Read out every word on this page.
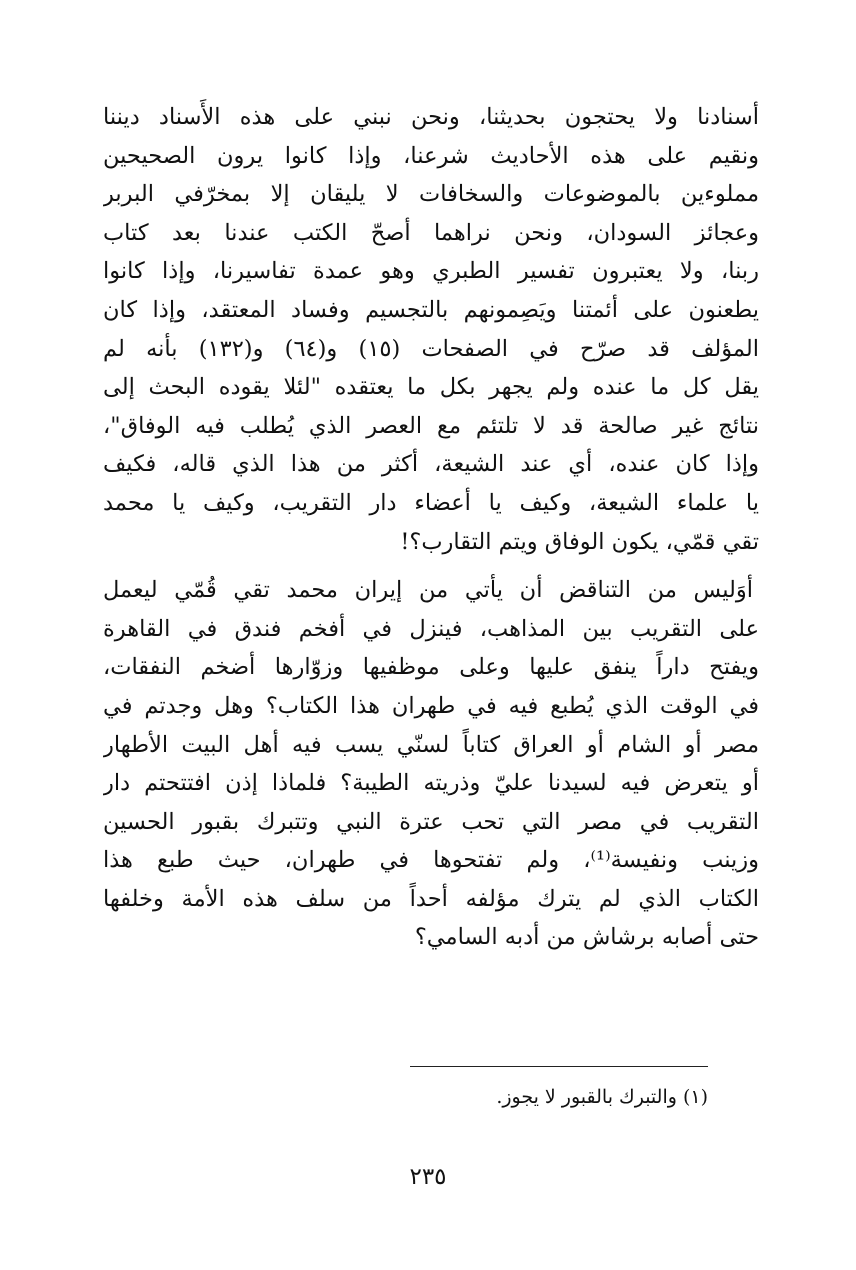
أسنادنا ولا يحتجون بحديثنا، ونحن نبني على هذه الأَسناد ديننا
ونقيم على هذه الأحاديث شرعنا، وإذا كانوا يرون الصحيحين
مملوءين بالموضوعات والسخافات لا يليقان إلا بمخرّفي البربر
وعجائز السودان، ونحن نراهما أصحّ الكتب عندنا بعد كتاب
ربنا، ولا يعتبرون تفسير الطبري وهو عمدة تفاسيرنا، وإذا كانوا
يطعنون على أئمتنا ويَصِمونهم بالتجسيم وفساد المعتقد، وإذا كان
المؤلف قد صرّح في الصفحات (١٥) و(٦٤) و(١٣٢) بأنه لم
يقل كل ما عنده ولم يجهر بكل ما يعتقده "لئلا يقوده البحث إلى
نتائج غير صالحة قد لا تلتئم مع العصر الذي يُطلب فيه الوفاق"،
وإذا كان عنده، أي عند الشيعة، أكثر من هذا الذي قاله، فكيف
يا علماء الشيعة، وكيف يا أعضاء دار التقريب، وكيف يا محمد
تقي قمّي، يكون الوفاق ويتم التقارب؟!

أوَليس من التناقض أن يأتي من إيران محمد تقي قُمّي ليعمل
على التقريب بين المذاهب، فينزل في أفخم فندق في القاهرة
ويفتح داراً ينفق عليها وعلى موظفيها وزوّارها أضخم النفقات،
في الوقت الذي يُطبع فيه في طهران هذا الكتاب؟ وهل وجدتم في
مصر أو الشام أو العراق كتاباً لسنّي يسب فيه أهل البيت الأطهار
أو يتعرض فيه لسيدنا عليّ وذريته الطيبة؟ فلماذا إذن افتتحتم دار
التقريب في مصر التي تحب عترة النبي وتتبرك بقبور الحسين
وزينب ونفيسة⁽¹⁾، ولم تفتحوها في طهران، حيث طبع هذا
الكتاب الذي لم يترك مؤلفه أحداً من سلف هذه الأمة وخلفها
حتى أصابه برشاش من أدبه السامي؟

(١) والتبرك بالقبور لا يجوز.
٢٣٥
